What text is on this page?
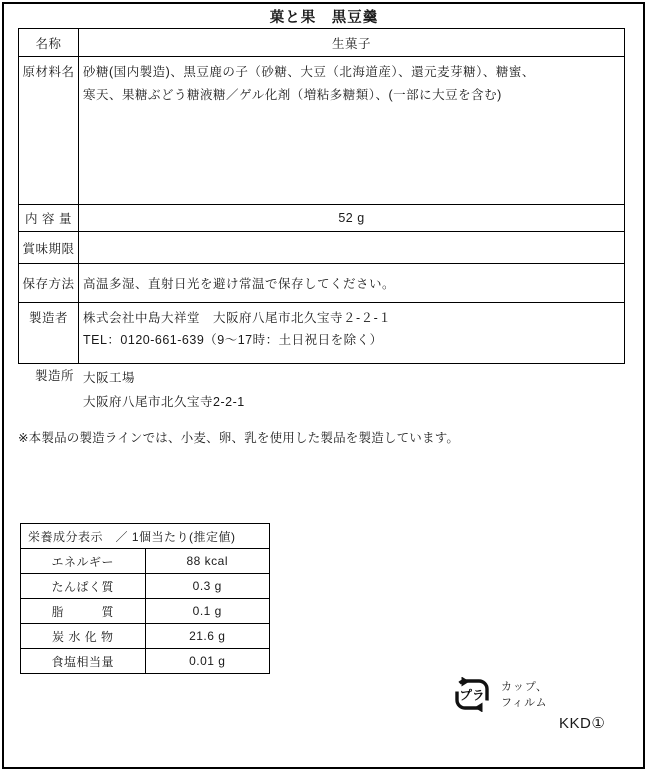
菓と果　黒豆羹
名称	生菓子
原材料名	砂糖(国内製造)、黒豆鹿の子（砂糖、大豆（北海道産）、還元麦芽糖）、糖蜜、
寒天、果糖ぶどう糖液糖／ゲル化剤（増粘多糖類）、(一部に大豆を含む)

内 容 量	52 g
賞味期限	
保存方法	高温多湿、直射日光を避け常温で保存してください。
製造者	株式会社中島大祥堂　大阪府八尾市北久宝寺２-２-１
TEL：0120-661-639（9～17時：土日祝日を除く）
製造所 大阪工場
大阪府八尾市北久宝寺2-2-1
※本製品の製造ラインでは、小麦、卵、乳を使用した製品を製造しています。
栄養成分表示　／ 1個当たり(推定値)	
エネルギー	88 kcal
たんぱく質	0.3 g
脂　　　質	0.1 g
炭 水 化 物	21.6 g
食塩相当量	0.01 g
プラ
カップ、
フィルム
KKD①
